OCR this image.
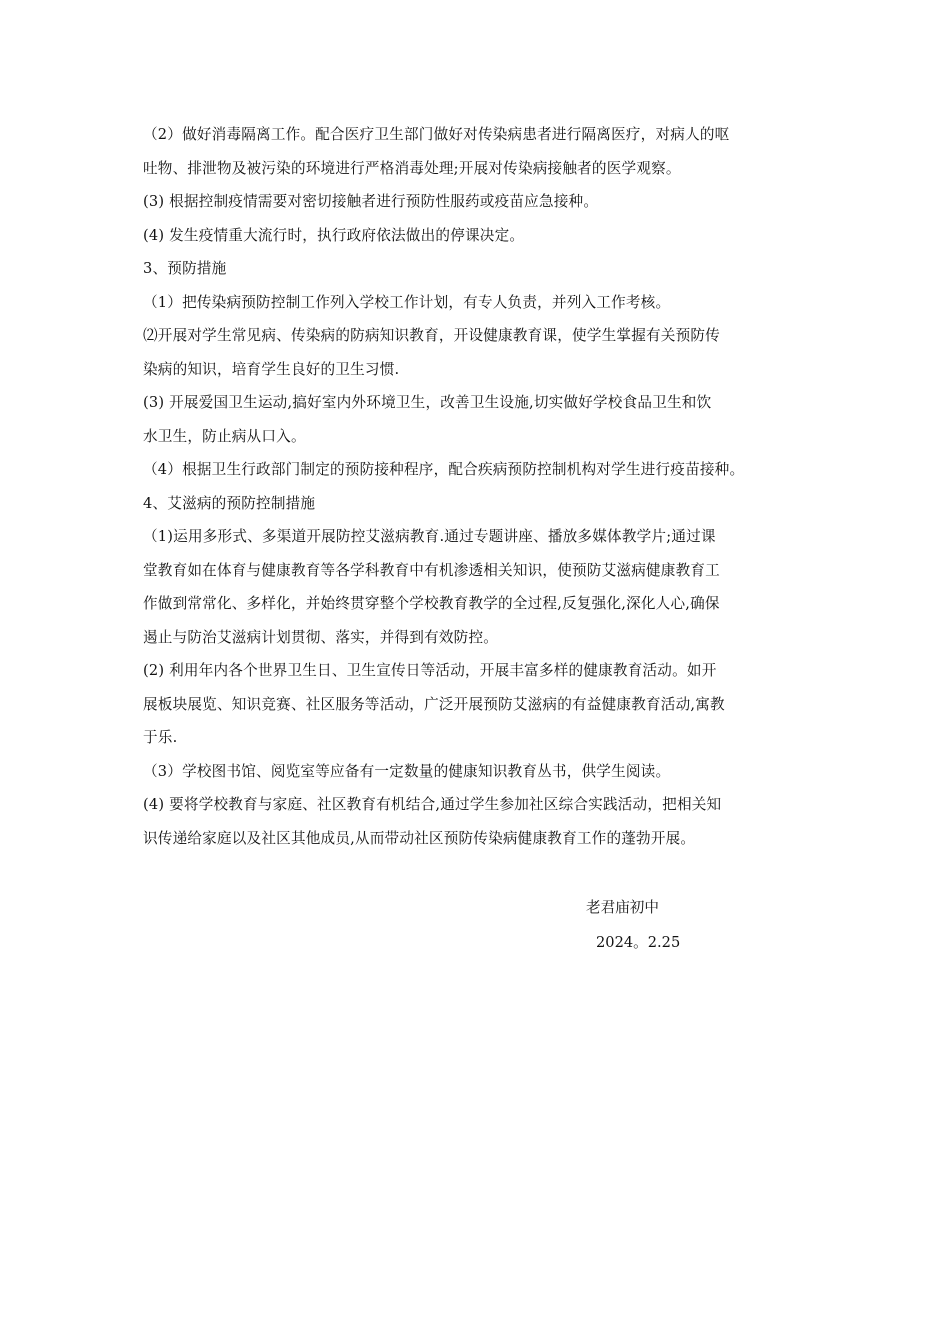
（2）做好消毒隔离工作。配合医疗卫生部门做好对传染病患者进行隔离医疗，对病人的呕
吐物、排泄物及被污染的环境进行严格消毒处理;开展对传染病接触者的医学观察。
(3) 根据控制疫情需要对密切接触者进行预防性服药或疫苗应急接种。
(4) 发生疫情重大流行时，执行政府依法做出的停课决定。
3、预防措施
（1）把传染病预防控制工作列入学校工作计划，有专人负责，并列入工作考核。
⑵开展对学生常见病、传染病的防病知识教育，开设健康教育课，使学生掌握有关预防传
染病的知识，培育学生良好的卫生习惯.
(3) 开展爱国卫生运动,搞好室内外环境卫生，改善卫生设施,切实做好学校食品卫生和饮
水卫生，防止病从口入。
（4）根据卫生行政部门制定的预防接种程序，配合疾病预防控制机构对学生进行疫苗接种。
4、艾滋病的预防控制措施
（1)运用多形式、多渠道开展防控艾滋病教育.通过专题讲座、播放多媒体教学片;通过课
堂教育如在体育与健康教育等各学科教育中有机渗透相关知识，使预防艾滋病健康教育工
作做到常常化、多样化，并始终贯穿整个学校教育教学的全过程,反复强化,深化人心,确保
遏止与防治艾滋病计划贯彻、落实，并得到有效防控。
(2) 利用年内各个世界卫生日、卫生宣传日等活动，开展丰富多样的健康教育活动。如开
展板块展览、知识竞赛、社区服务等活动，广泛开展预防艾滋病的有益健康教育活动,寓教
于乐.
（3）学校图书馆、阅览室等应备有一定数量的健康知识教育丛书，供学生阅读。
(4) 要将学校教育与家庭、社区教育有机结合,通过学生参加社区综合实践活动，把相关知
识传递给家庭以及社区其他成员,从而带动社区预防传染病健康教育工作的蓬勃开展。
老君庙初中
2024。2.25
